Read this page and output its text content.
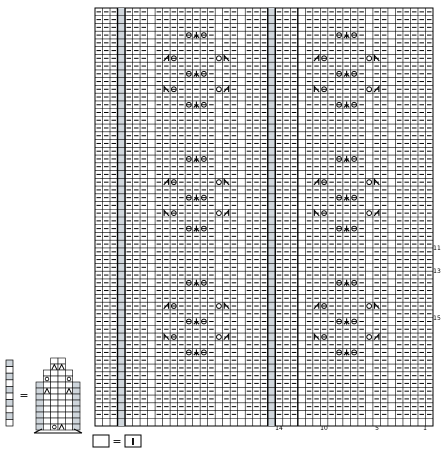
11
13
15
14	10	5	1
=
= I
